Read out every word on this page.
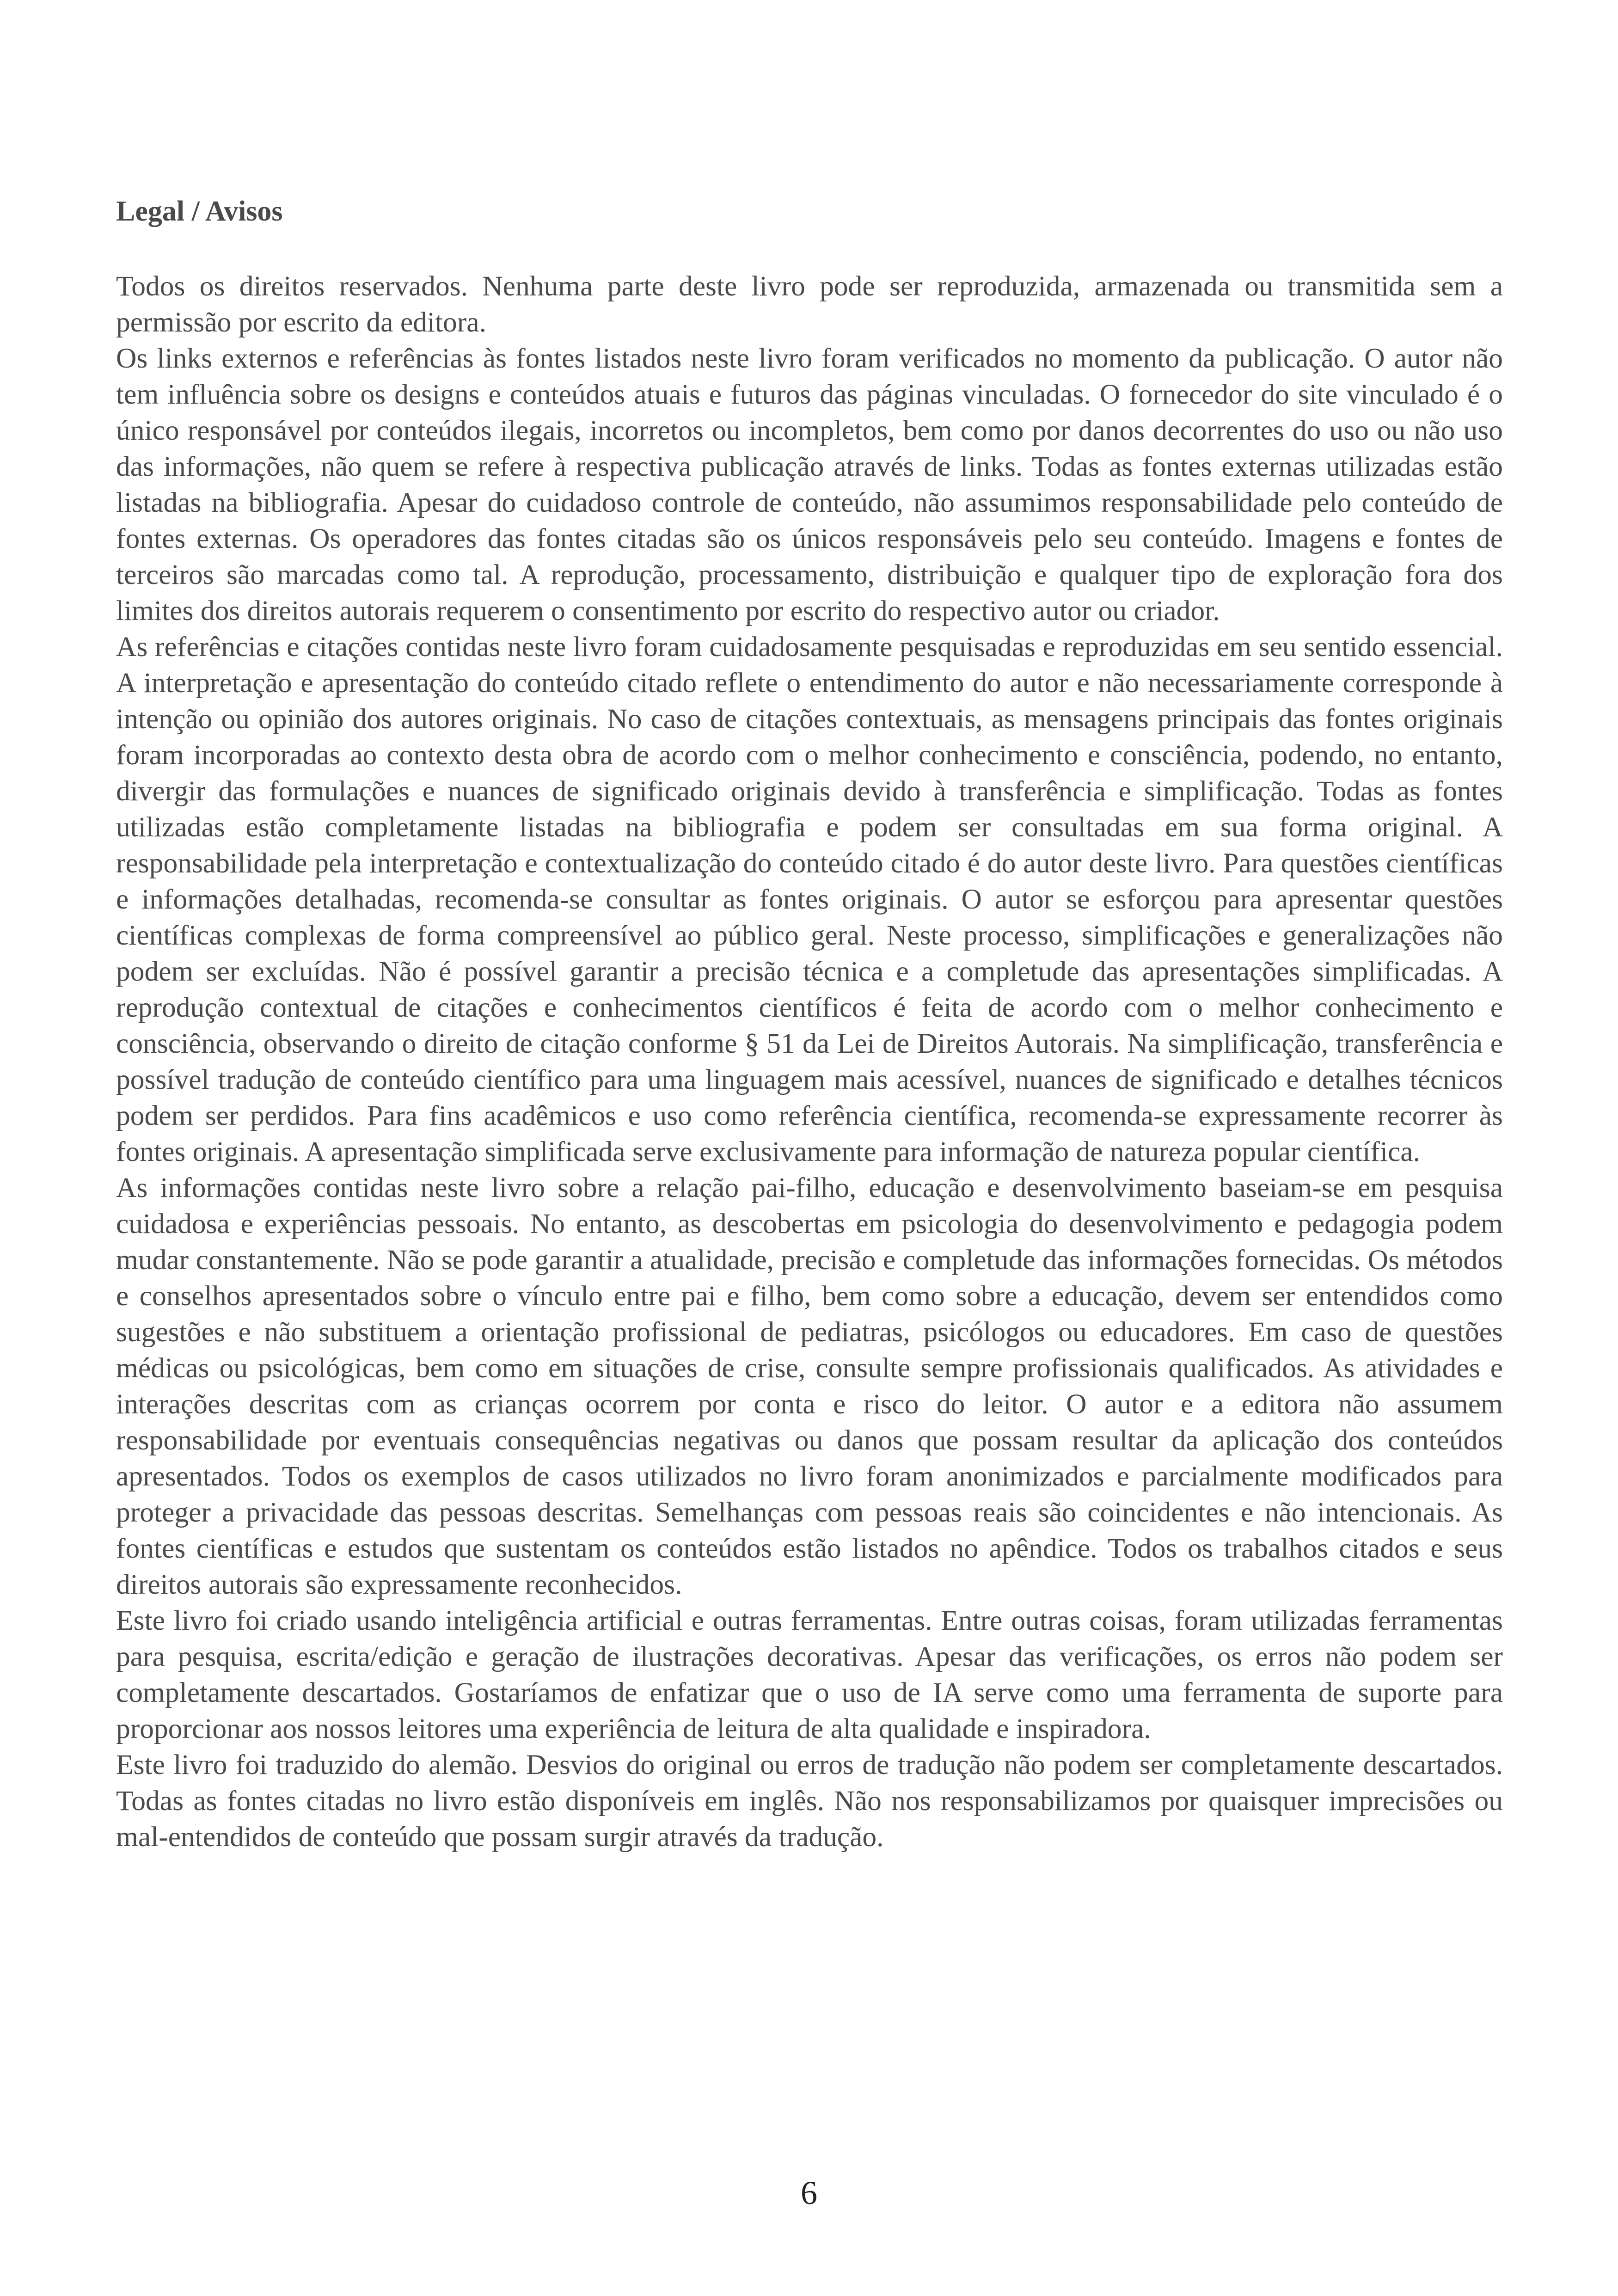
Legal / Avisos

Todos os direitos reservados. Nenhuma parte deste livro pode ser reproduzida, armazenada ou transmitida sem a permissão por escrito da editora.

Os links externos e referências às fontes listados neste livro foram verificados no momento da publicação. O autor não tem influência sobre os designs e conteúdos atuais e futuros das páginas vinculadas. O fornecedor do site vinculado é o único responsável por conteúdos ilegais, incorretos ou incompletos, bem como por danos decorrentes do uso ou não uso das informações, não quem se refere à respectiva publicação através de links. Todas as fontes externas utilizadas estão listadas na bibliografia. Apesar do cuidadoso controle de conteúdo, não assumimos responsabilidade pelo conteúdo de fontes externas. Os operadores das fontes citadas são os únicos responsáveis pelo seu conteúdo. Imagens e fontes de terceiros são marcadas como tal. A reprodução, processamento, distribuição e qualquer tipo de exploração fora dos limites dos direitos autorais requerem o consentimento por escrito do respectivo autor ou criador.

As referências e citações contidas neste livro foram cuidadosamente pesquisadas e reproduzidas em seu sentido essencial. A interpretação e apresentação do conteúdo citado reflete o entendimento do autor e não necessariamente corresponde à intenção ou opinião dos autores originais. No caso de citações contextuais, as mensagens principais das fontes originais foram incorporadas ao contexto desta obra de acordo com o melhor conhecimento e consciência, podendo, no entanto, divergir das formulações e nuances de significado originais devido à transferência e simplificação. Todas as fontes utilizadas estão completamente listadas na bibliografia e podem ser consultadas em sua forma original. A responsabilidade pela interpretação e contextualização do conteúdo citado é do autor deste livro. Para questões científicas e informações detalhadas, recomenda-se consultar as fontes originais. O autor se esforçou para apresentar questões científicas complexas de forma compreensível ao público geral. Neste processo, simplificações e generalizações não podem ser excluídas. Não é possível garantir a precisão técnica e a completude das apresentações simplificadas. A reprodução contextual de citações e conhecimentos científicos é feita de acordo com o melhor conhecimento e consciência, observando o direito de citação conforme § 51 da Lei de Direitos Autorais. Na simplificação, transferência e possível tradução de conteúdo científico para uma linguagem mais acessível, nuances de significado e detalhes técnicos podem ser perdidos. Para fins acadêmicos e uso como referência científica, recomenda-se expressamente recorrer às fontes originais. A apresentação simplificada serve exclusivamente para informação de natureza popular científica.

As informações contidas neste livro sobre a relação pai-filho, educação e desenvolvimento baseiam-se em pesquisa cuidadosa e experiências pessoais. No entanto, as descobertas em psicologia do desenvolvimento e pedagogia podem mudar constantemente. Não se pode garantir a atualidade, precisão e completude das informações fornecidas. Os métodos e conselhos apresentados sobre o vínculo entre pai e filho, bem como sobre a educação, devem ser entendidos como sugestões e não substituem a orientação profissional de pediatras, psicólogos ou educadores. Em caso de questões médicas ou psicológicas, bem como em situações de crise, consulte sempre profissionais qualificados. As atividades e interações descritas com as crianças ocorrem por conta e risco do leitor. O autor e a editora não assumem responsabilidade por eventuais consequências negativas ou danos que possam resultar da aplicação dos conteúdos apresentados. Todos os exemplos de casos utilizados no livro foram anonimizados e parcialmente modificados para proteger a privacidade das pessoas descritas. Semelhanças com pessoas reais são coincidentes e não intencionais. As fontes científicas e estudos que sustentam os conteúdos estão listados no apêndice. Todos os trabalhos citados e seus direitos autorais são expressamente reconhecidos.

Este livro foi criado usando inteligência artificial e outras ferramentas. Entre outras coisas, foram utilizadas ferramentas para pesquisa, escrita/edição e geração de ilustrações decorativas. Apesar das verificações, os erros não podem ser completamente descartados. Gostaríamos de enfatizar que o uso de IA serve como uma ferramenta de suporte para proporcionar aos nossos leitores uma experiência de leitura de alta qualidade e inspiradora.

Este livro foi traduzido do alemão. Desvios do original ou erros de tradução não podem ser completamente descartados. Todas as fontes citadas no livro estão disponíveis em inglês. Não nos responsabilizamos por quaisquer imprecisões ou mal-entendidos de conteúdo que possam surgir através da tradução.

6
